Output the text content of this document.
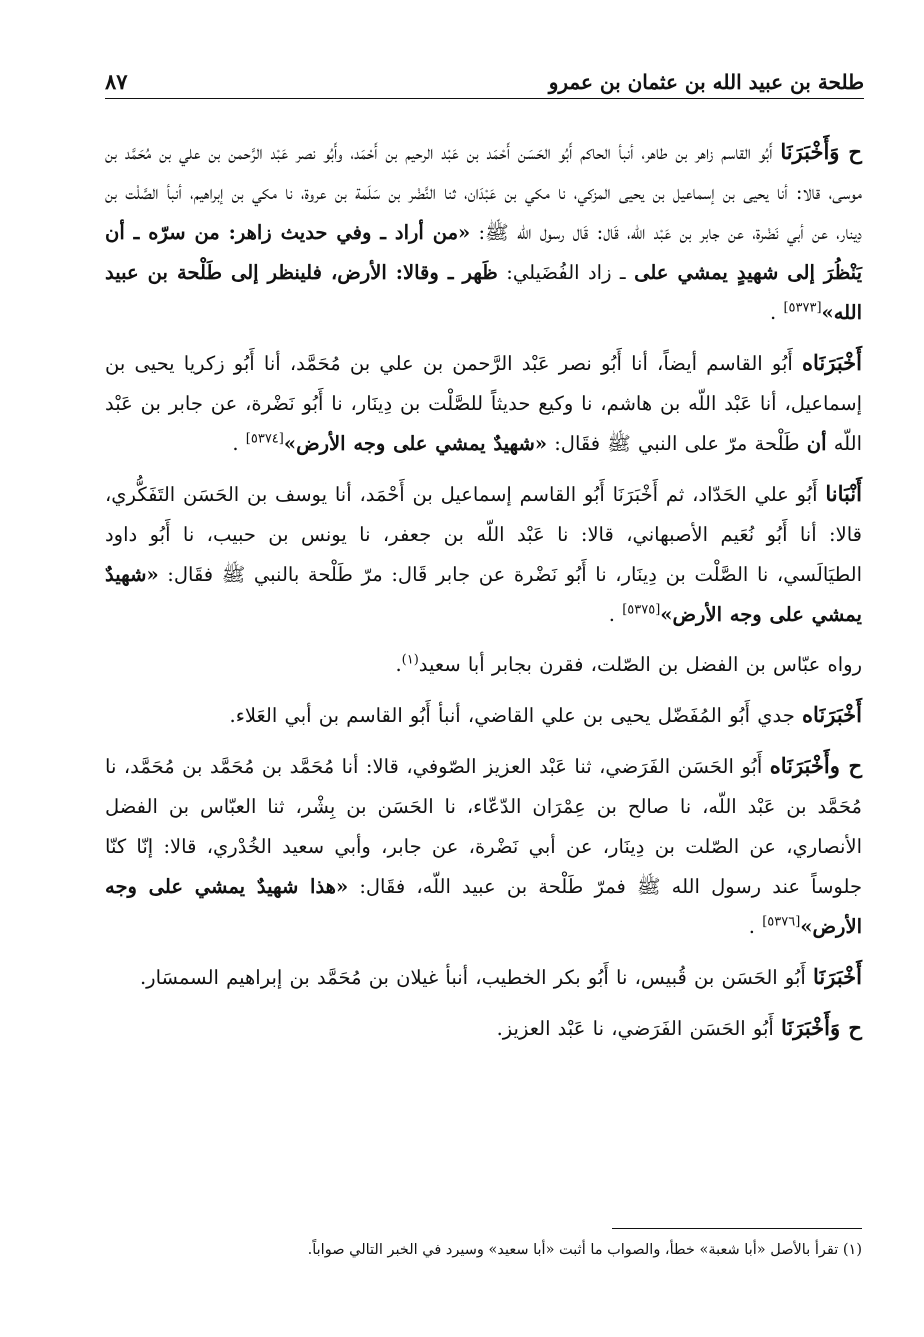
طلحة بن عبيد الله بن عثمان بن عمرو
٨٧

ح وَأَخْبَرَنَا أَبُو القاسم زاهر بن طاهر، أنبأ الحاكم أَبُو الحَسَن أَحْمَد بن عَبْد الرحيم بن أَحْمَد، وأَبُو نصر عَبْد الرَّحمن بن علي بن مُحَمَّد بن موسى، قالا: أنا يحيى بن إسماعيل بن يحيى المزكي، نا مكي بن عَبْدَان، ثنا النَّضْر بن سَلَمة بن عروة، نا مكي بن إبراهيم، أنبأ الصَّلْت بن دِينار، عن أبي نَضْرة، عن جابر بن عَبْد اللّه، قَال: قَال رسول الله ﷺ: «من أراد ـ وفي حديث زاهر: من سرّه ـ أن يَنْظُرَ إلى شهيدٍ يمشي على ـ زاد الفُضَيلي: ظَهر ـ وقالا: الأرض، فلينظر إلى طَلْحة بن عبيد الله»[٥٣٧٣] .

أَخْبَرَنَاه أَبُو القاسم أيضاً، أنا أَبُو نصر عَبْد الرَّحمن بن علي بن مُحَمَّد، أنا أَبُو زكريا يحيى بن إسماعيل، أنا عَبْد اللّه بن هاشم، نا وكيع حديثاً للصَّلْت بن دِينَار، نا أَبُو نَضْرة، عن جابر بن عَبْد اللّه أن طَلْحة مرّ على النبي ﷺ فقَال: «شهيدٌ يمشي على وجه الأرض»[٥٣٧٤] .

أَنْبَانا أَبُو علي الحَدّاد، ثم أَخْبَرَنَا أَبُو القاسم إسماعيل بن أَحْمَد، أنا يوسف بن الحَسَن التَفَكُّري، قالا: أنا أَبُو نُعَيم الأصبهاني، قالا: نا عَبْد اللّه بن جعفر، نا يونس بن حبيب، نا أَبُو داود الطيَالَسي، نا الصَّلْت بن دِينَار، نا أَبُو نَضْرة عن جابر قَال: مرّ طَلْحة بالنبي ﷺ فقَال: «شهيدٌ يمشي على وجه الأرض»[٥٣٧٥] .

رواه عبّاس بن الفضل بن الصّلت، فقرن بجابر أبا سعيد$^{(١)}$.

أَخْبَرَنَاه جدي أَبُو المُفَضّل يحيى بن علي القاضي، أنبأ أَبُو القاسم بن أبي العَلاء.

ح وأَخْبَرَنَاه أَبُو الحَسَن الفَرَضي، ثنا عَبْد العزيز الصّوفي، قالا: أنا مُحَمَّد بن مُحَمَّد بن مُحَمَّد، نا مُحَمَّد بن عَبْد اللّه، نا صالح بن عِمْرَان الدّعّاء، نا الحَسَن بن بِشْر، ثنا العبّاس بن الفضل الأنصاري، عن الصّلت بن دِينَار، عن أبي نَضْرة، عن جابر، وأبي سعيد الخُدْري، قالا: إنّا كنّا جلوساً عند رسول الله ﷺ فمرّ طَلْحة بن عبيد اللّه، فقَال: «هذا شهيدٌ يمشي على وجه الأرض»[٥٣٧٦] .

أَخْبَرَنَا أَبُو الحَسَن بن قُبيس، نا أَبُو بكر الخطيب، أنبأ غيلان بن مُحَمَّد بن إبراهيم السمسَار.

ح وَأَخْبَرَنَا أَبُو الحَسَن الفَرَضي، نا عَبْد العزيز.

(١) تقرأ بالأصل «أبا شعبة» خطأ، والصواب ما أثبت «أبا سعيد» وسيرد في الخبر التالي صواباً.
